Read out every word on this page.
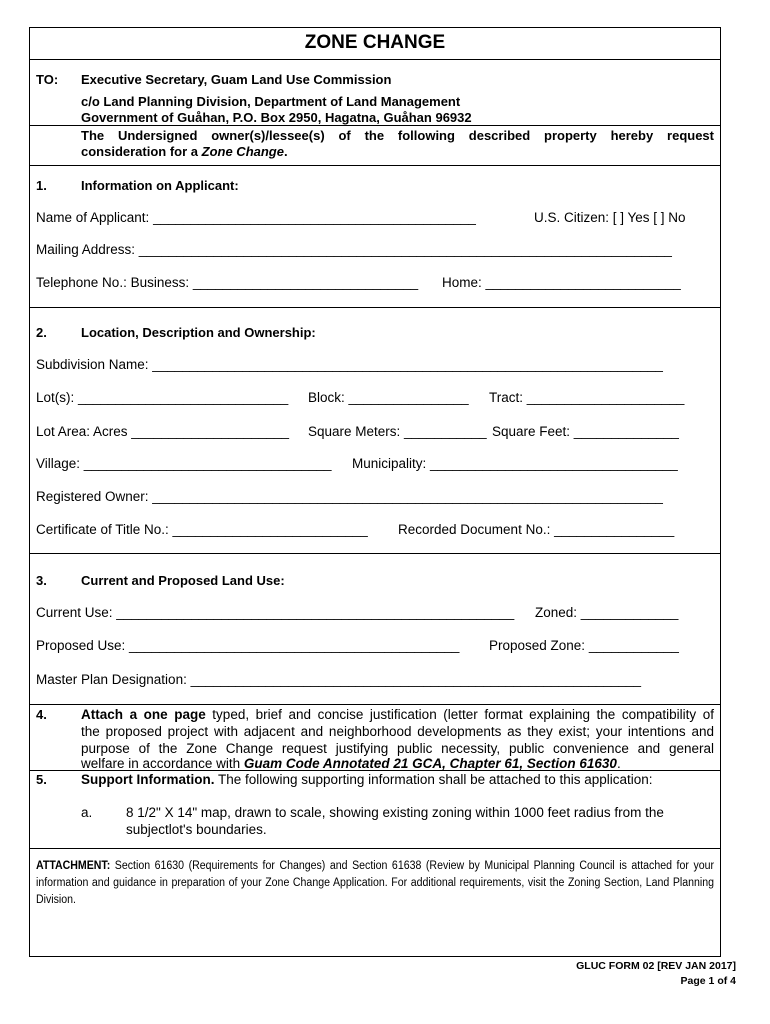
ZONE CHANGE
TO: Executive Secretary, Guam Land Use Commission
c/o Land Planning Division, Department of Land Management
Government of Guåhan, P.O. Box 2950, Hagatna, Guåhan 96932
The Undersigned owner(s)/lessee(s) of the following described property hereby request
consideration for a Zone Change.
1.	Information on Applicant:
Name of Applicant: ___________________________________________	U.S. Citizen: [ ] Yes [ ] No
Mailing Address: _______________________________________________________________________
Telephone No.: Business: ______________________________ Home: __________________________
2.	Location, Description and Ownership:
Subdivision Name: ____________________________________________________________________
Lot(s): ____________________________ Block: ________________ Tract: _____________________
Lot Area: Acres _____________________ Square Meters: ___________ Square Feet: ______________
Village: _________________________________ Municipality: _________________________________
Registered Owner: ____________________________________________________________________
Certificate of Title No.: __________________________ Recorded Document No.: ________________
3.	Current and Proposed Land Use:
Current Use: _____________________________________________________ Zoned: _____________
Proposed Use: ____________________________________________ Proposed Zone: ____________
Master Plan Designation: ____________________________________________________________
4.	Attach a one page typed, brief and concise justification (letter format explaining the compatibility of
the proposed project with adjacent and neighborhood developments as they exist; your intentions and
purpose of the Zone Change request justifying public necessity, public convenience and general
welfare in accordance with Guam Code Annotated 21 GCA, Chapter 61, Section 61630.
5.	Support Information. The following supporting information shall be attached to this application:
a. 8 1/2" X 14" map, drawn to scale, showing existing zoning within 1000 feet radius from the
subjectlot's boundaries.
ATTACHMENT: Section 61630 (Requirements for Changes) and Section 61638 (Review by Municipal Planning Council is attached for your information and guidance in preparation of your Zone Change Application. For additional requirements, visit the Zoning Section, Land Planning Division.
GLUC FORM 02 [REV JAN 2017]
Page 1 of 4
